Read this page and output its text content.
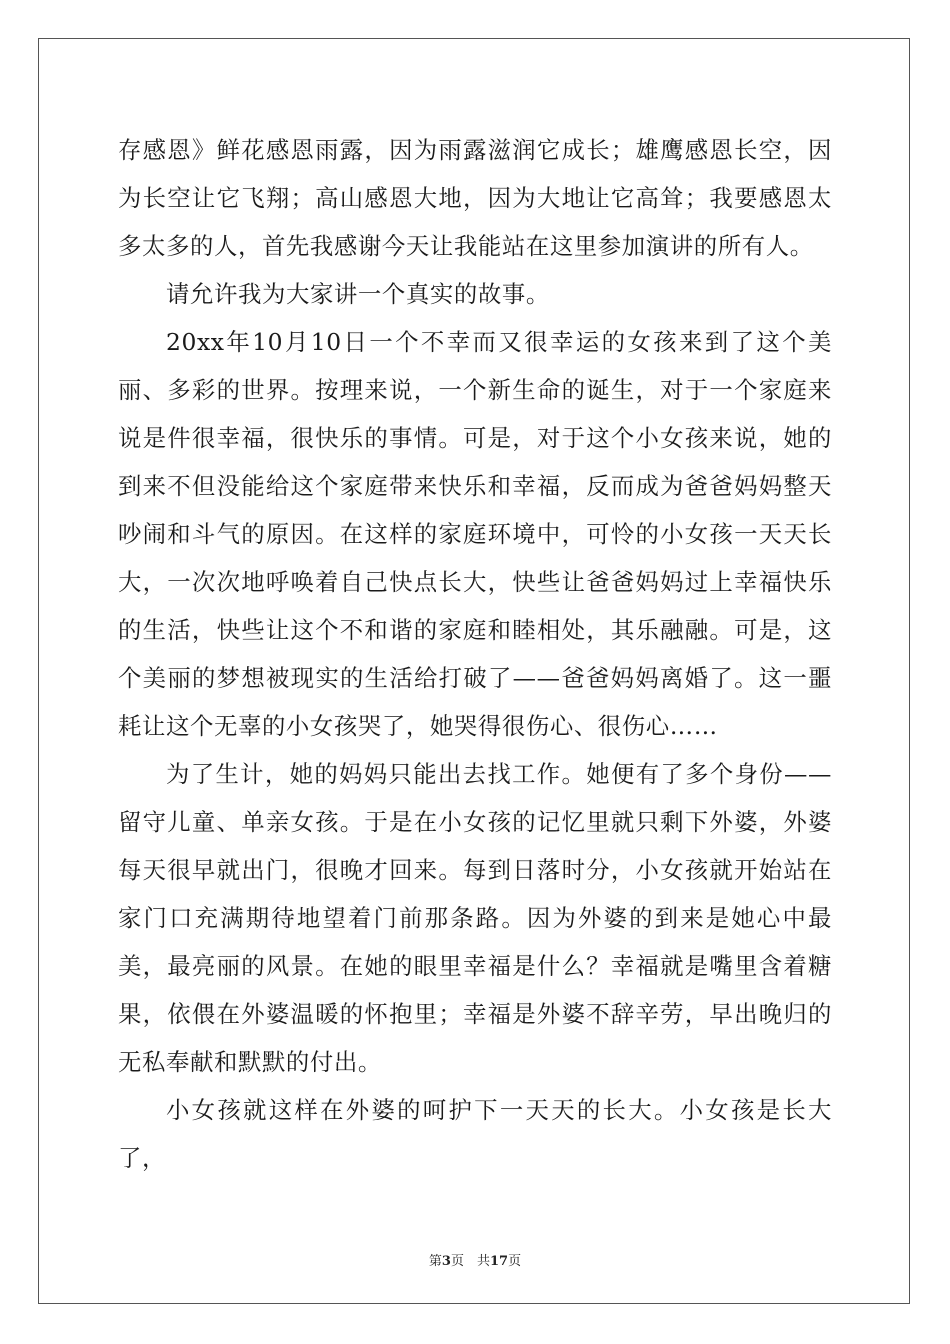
存感恩》鲜花感恩雨露，因为雨露滋润它成长；雄鹰感恩长空，因为长空让它飞翔；高山感恩大地，因为大地让它高耸；我要感恩太多太多的人，首先我感谢今天让我能站在这里参加演讲的所有人。

请允许我为大家讲一个真实的故事。

20xx年10月10日一个不幸而又很幸运的女孩来到了这个美丽、多彩的世界。按理来说，一个新生命的诞生，对于一个家庭来说是件很幸福，很快乐的事情。可是，对于这个小女孩来说，她的到来不但没能给这个家庭带来快乐和幸福，反而成为爸爸妈妈整天吵闹和斗气的原因。在这样的家庭环境中，可怜的小女孩一天天长大，一次次地呼唤着自己快点长大，快些让爸爸妈妈过上幸福快乐的生活，快些让这个不和谐的家庭和睦相处，其乐融融。可是，这个美丽的梦想被现实的生活给打破了——爸爸妈妈离婚了。这一噩耗让这个无辜的小女孩哭了，她哭得很伤心、很伤心……

为了生计，她的妈妈只能出去找工作。她便有了多个身份——留守儿童、单亲女孩。于是在小女孩的记忆里就只剩下外婆，外婆每天很早就出门，很晚才回来。每到日落时分，小女孩就开始站在家门口充满期待地望着门前那条路。因为外婆的到来是她心中最美，最亮丽的风景。在她的眼里幸福是什么？幸福就是嘴里含着糖果，依偎在外婆温暖的怀抱里；幸福是外婆不辞辛劳，早出晚归的无私奉献和默默的付出。

小女孩就这样在外婆的呵护下一天天的长大。小女孩是长大了，

第3页　共17页
